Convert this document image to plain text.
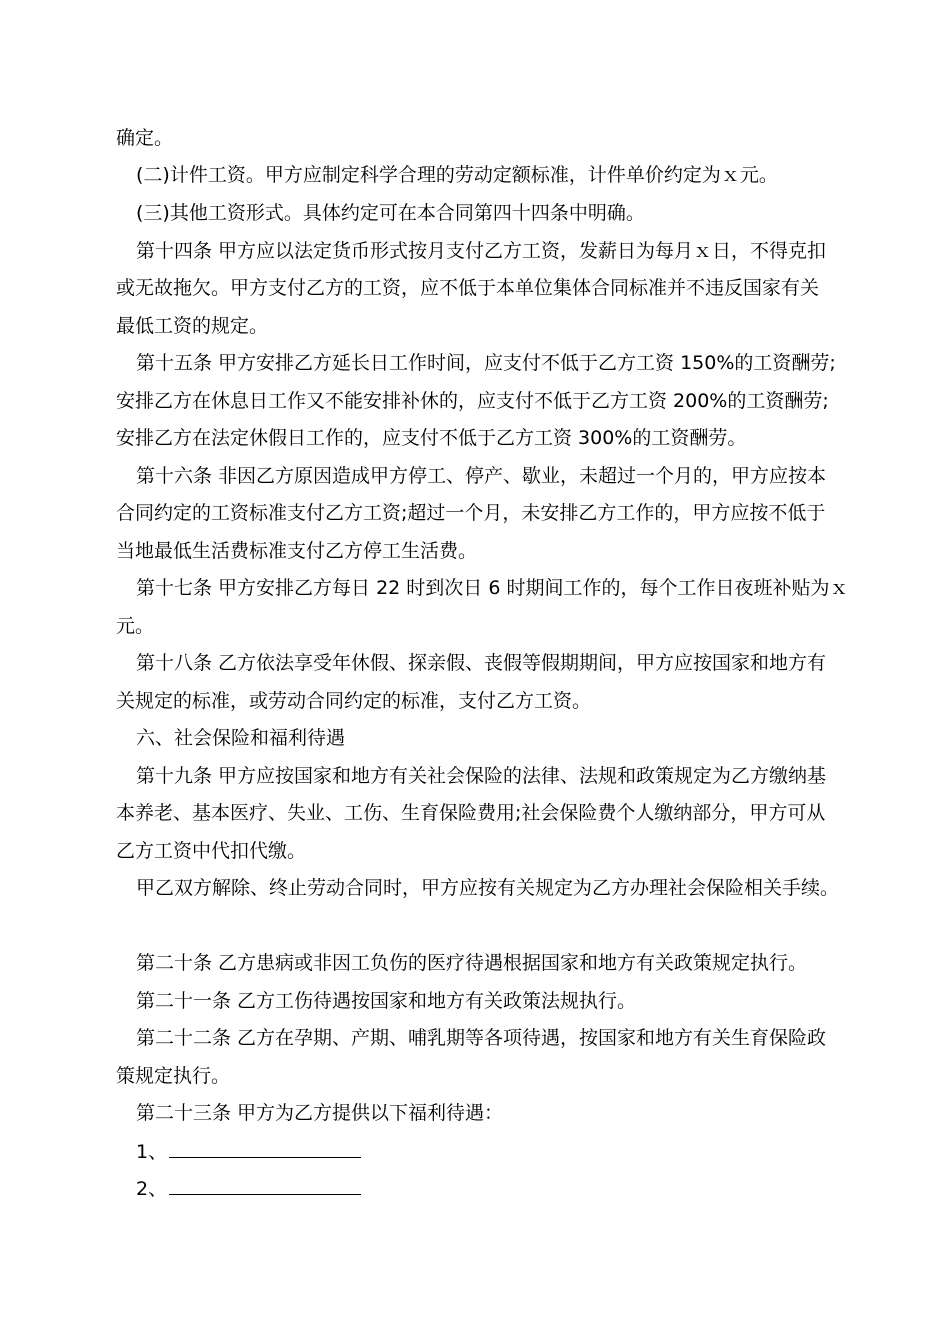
确定。
(二)计件工资。甲方应制定科学合理的劳动定额标准，计件单价约定为ｘ元。
(三)其他工资形式。具体约定可在本合同第四十四条中明确。
第十四条 甲方应以法定货币形式按月支付乙方工资，发薪日为每月ｘ日，不得克扣
或无故拖欠。甲方支付乙方的工资，应不低于本单位集体合同标准并不违反国家有关
最低工资的规定。
第十五条 甲方安排乙方延长日工作时间，应支付不低于乙方工资 150%的工资酬劳;
安排乙方在休息日工作又不能安排补休的，应支付不低于乙方工资 200%的工资酬劳;
安排乙方在法定休假日工作的，应支付不低于乙方工资 300%的工资酬劳。
第十六条 非因乙方原因造成甲方停工、停产、歇业，未超过一个月的，甲方应按本
合同约定的工资标准支付乙方工资;超过一个月，未安排乙方工作的，甲方应按不低于
当地最低生活费标准支付乙方停工生活费。
第十七条 甲方安排乙方每日 22 时到次日 6 时期间工作的，每个工作日夜班补贴为ｘ
元。
第十八条 乙方依法享受年休假、探亲假、丧假等假期期间，甲方应按国家和地方有
关规定的标准，或劳动合同约定的标准，支付乙方工资。
六、社会保险和福利待遇
第十九条 甲方应按国家和地方有关社会保险的法律、法规和政策规定为乙方缴纳基
本养老、基本医疗、失业、工伤、生育保险费用;社会保险费个人缴纳部分，甲方可从
乙方工资中代扣代缴。
甲乙双方解除、终止劳动合同时，甲方应按有关规定为乙方办理社会保险相关手续。
第二十条 乙方患病或非因工负伤的医疗待遇根据国家和地方有关政策规定执行。
第二十一条 乙方工伤待遇按国家和地方有关政策法规执行。
第二十二条 乙方在孕期、产期、哺乳期等各项待遇，按国家和地方有关生育保险政
策规定执行。
第二十三条 甲方为乙方提供以下福利待遇：
1、
2、
